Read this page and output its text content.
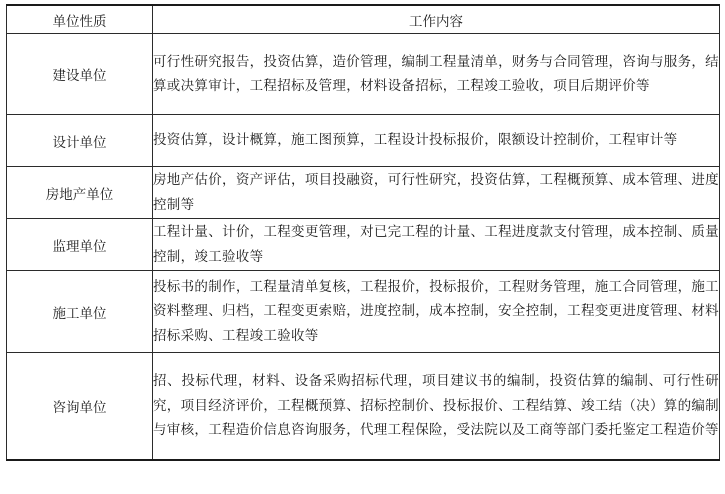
单位性质	工作内容
建设单位	可行性研究报告，投资估算，造价管理，编制工程量清单，财务与合同管理，咨询与服务，结算或决算审计，工程招标及管理，材料设备招标，工程竣工验收，项目后期评价等
设计单位	投资估算，设计概算，施工图预算，工程设计投标报价，限额设计控制价，工程审计等
房地产单位	房地产估价，资产评估，项目投融资，可行性研究，投资估算，工程概预算、成本管理、进度控制等
监理单位	工程计量、计价，工程变更管理，对已完工程的计量、工程进度款支付管理，成本控制、质量控制，竣工验收等
施工单位	投标书的制作，工程量清单复核，工程报价，投标报价，工程财务管理，施工合同管理，施工资料整理、归档，工程变更索赔，进度控制，成本控制，安全控制，工程变更进度管理、材料招标采购、工程竣工验收等
咨询单位	招、投标代理，材料、设备采购招标代理，项目建议书的编制，投资估算的编制、可行性研究，项目经济评价，工程概预算、招标控制价、投标报价、工程结算、竣工结（决）算的编制与审核，工程造价信息咨询服务，代理工程保险，受法院以及工商等部门委托鉴定工程造价等
